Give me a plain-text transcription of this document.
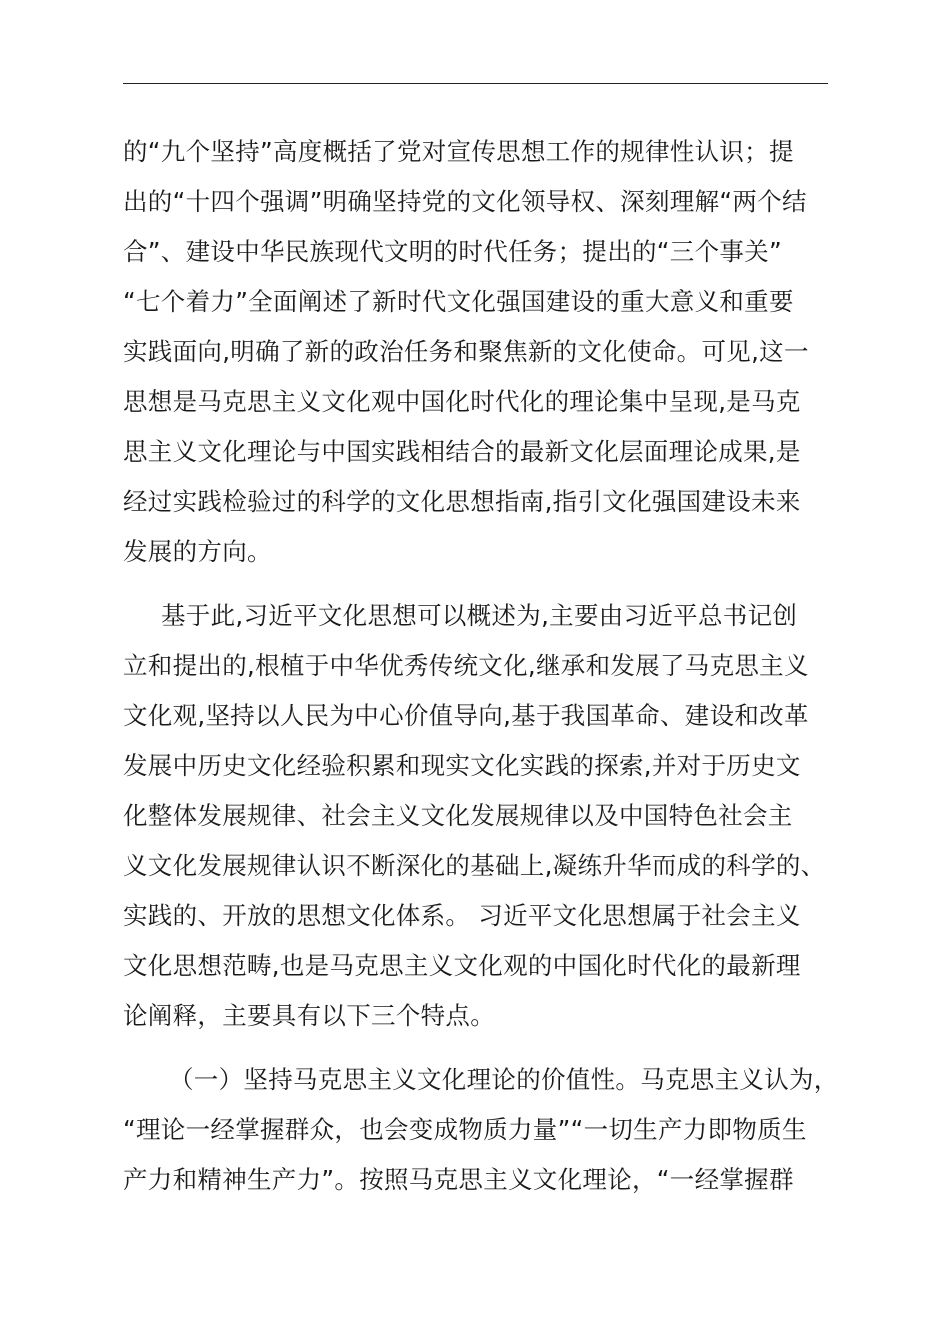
的“九个坚持”高度概括了党对宣传思想工作的规律性认识；提
出的“十四个强调”明确坚持党的文化领导权、深刻理解“两个结
合”、建设中华民族现代文明的时代任务；提出的“三个事关”
“七个着力”全面阐述了新时代文化强国建设的重大意义和重要
实践面向,明确了新的政治任务和聚焦新的文化使命。可见,这一
思想是马克思主义文化观中国化时代化的理论集中呈现,是马克
思主义文化理论与中国实践相结合的最新文化层面理论成果,是
经过实践检验过的科学的文化思想指南,指引文化强国建设未来
发展的方向。
基于此,习近平文化思想可以概述为,主要由习近平总书记创
立和提出的,根植于中华优秀传统文化,继承和发展了马克思主义
文化观,坚持以人民为中心价值导向,基于我国革命、建设和改革
发展中历史文化经验积累和现实文化实践的探索,并对于历史文
化整体发展规律、社会主义文化发展规律以及中国特色社会主
义文化发展规律认识不断深化的基础上,凝练升华而成的科学的、
实践的、开放的思想文化体系。 习近平文化思想属于社会主义
文化思想范畴,也是马克思主义文化观的中国化时代化的最新理
论阐释，主要具有以下三个特点。
（一）坚持马克思主义文化理论的价值性。马克思主义认为，
“理论一经掌握群众，也会变成物质力量”“一切生产力即物质生
产力和精神生产力”。按照马克思主义文化理论，“一经掌握群
